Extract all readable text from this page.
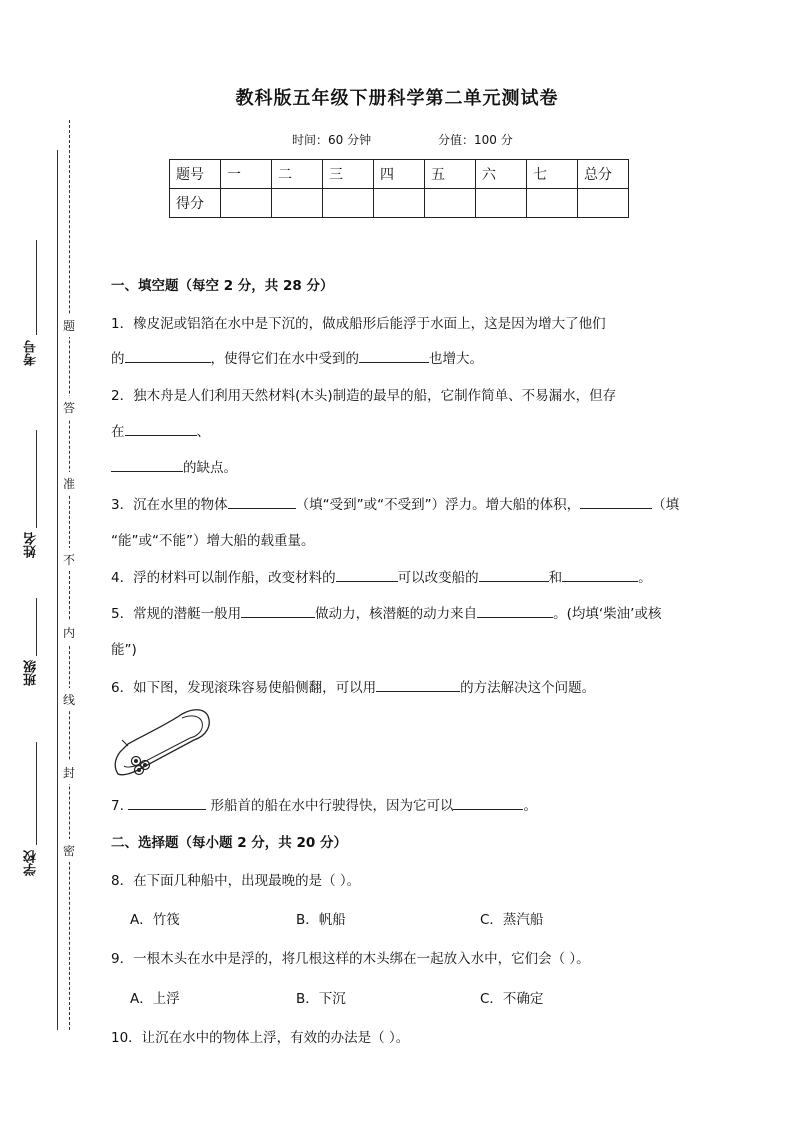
考号
姓名
班级
学校
题
答
准
不
内
线
封
密
教科版五年级下册科学第二单元测试卷
时间：60 分钟	分值：100 分
题号	一	二	三	四	五	六	七	总分
得分								
一、填空题（每空 2 分，共 28 分）
1．橡皮泥或铝箔在水中是下沉的，做成船形后能浮于水面上，这是因为增大了他们
的	，使得它们在水中受到的	也增大。
2．独木舟是人们利用天然材料(木头)制造的最早的船，它制作简单、不易漏水，但存
在	、
的缺点。
3．沉在水里的物体	（填“受到”或“不受到”）浮力。增大船的体积，	（填
“能”或“不能”）增大船的载重量。
4．浮的材料可以制作船，改变材料的	可以改变船的	和	。
5．常规的潜艇一般用	做动力，核潜艇的动力来自	。(均填‘柴油’或核
能”)
6．如下图，发现滚珠容易使船侧翻，可以用	的方法解决这个问题。
7.	形船首的船在水中行驶得快，因为它可以	。
二、选择题（每小题 2 分，共 20 分）
8．在下面几种船中，出现最晚的是（ ）。
A．竹筏	B．帆船	C．蒸汽船
9．一根木头在水中是浮的，将几根这样的木头绑在一起放入水中，它们会（ ）。
A．上浮	B．下沉	C．不确定
10．让沉在水中的物体上浮，有效的办法是（ ）。
